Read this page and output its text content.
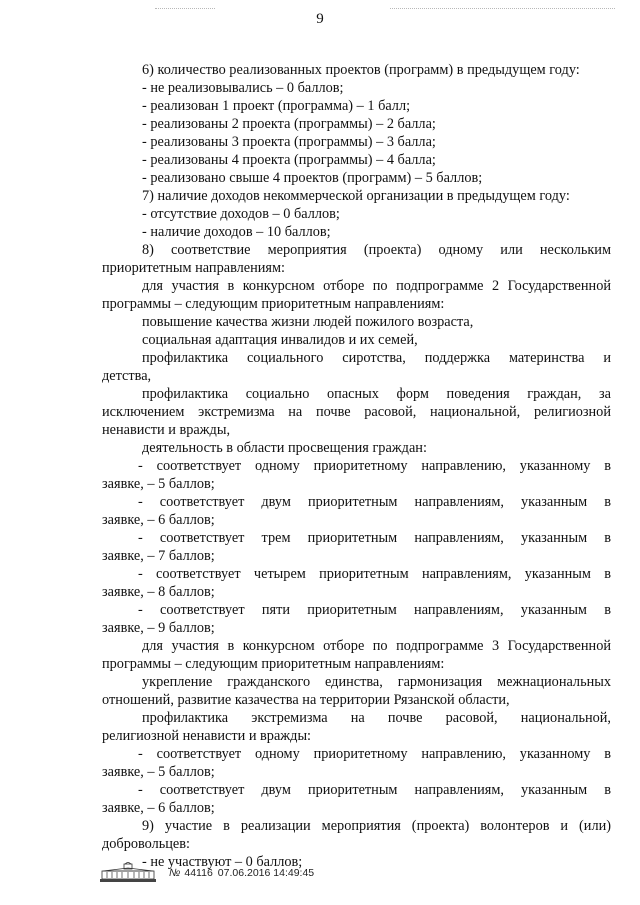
9
6) количество реализованных проектов (программ) в предыдущем году:
- не реализовывались – 0 баллов;
- реализован 1 проект (программа) – 1 балл;
- реализованы 2 проекта (программы) – 2 балла;
- реализованы 3 проекта (программы) – 3 балла;
- реализованы 4 проекта (программы) – 4 балла;
- реализовано свыше 4 проектов (программ) – 5 баллов;
7) наличие доходов некоммерческой организации в предыдущем году:
- отсутствие доходов – 0 баллов;
- наличие доходов – 10 баллов;
8) соответствие мероприятия (проекта) одному или нескольким
приоритетным направлениям:
для участия в конкурсном отборе по подпрограмме 2 Государственной
программы – следующим приоритетным направлениям:
повышение качества жизни людей пожилого возраста,
социальная адаптация инвалидов и их семей,
профилактика социального сиротства, поддержка материнства и
детства,
профилактика социально опасных форм поведения граждан, за
исключением экстремизма на почве расовой, национальной, религиозной
ненависти и вражды,
деятельность в области просвещения граждан:
- соответствует одному приоритетному направлению, указанному в
заявке, – 5 баллов;
- соответствует двум приоритетным направлениям, указанным в
заявке, – 6 баллов;
- соответствует трем приоритетным направлениям, указанным в
заявке, – 7 баллов;
- соответствует четырем приоритетным направлениям, указанным в
заявке, – 8 баллов;
- соответствует пяти приоритетным направлениям, указанным в
заявке, – 9 баллов;
для участия в конкурсном отборе по подпрограмме 3 Государственной
программы – следующим приоритетным направлениям:
укрепление гражданского единства, гармонизация межнациональных
отношений, развитие казачества на территории Рязанской области,
профилактика экстремизма на почве расовой, национальной,
религиозной ненависти и вражды:
- соответствует одному приоритетному направлению, указанному в
заявке, – 5 баллов;
- соответствует двум приоритетным направлениям, указанным в
заявке, – 6 баллов;
9) участие в реализации мероприятия (проекта) волонтеров и (или)
добровольцев:
- не участвуют – 0 баллов;
№ 44116 07.06.2016 14:49:45
